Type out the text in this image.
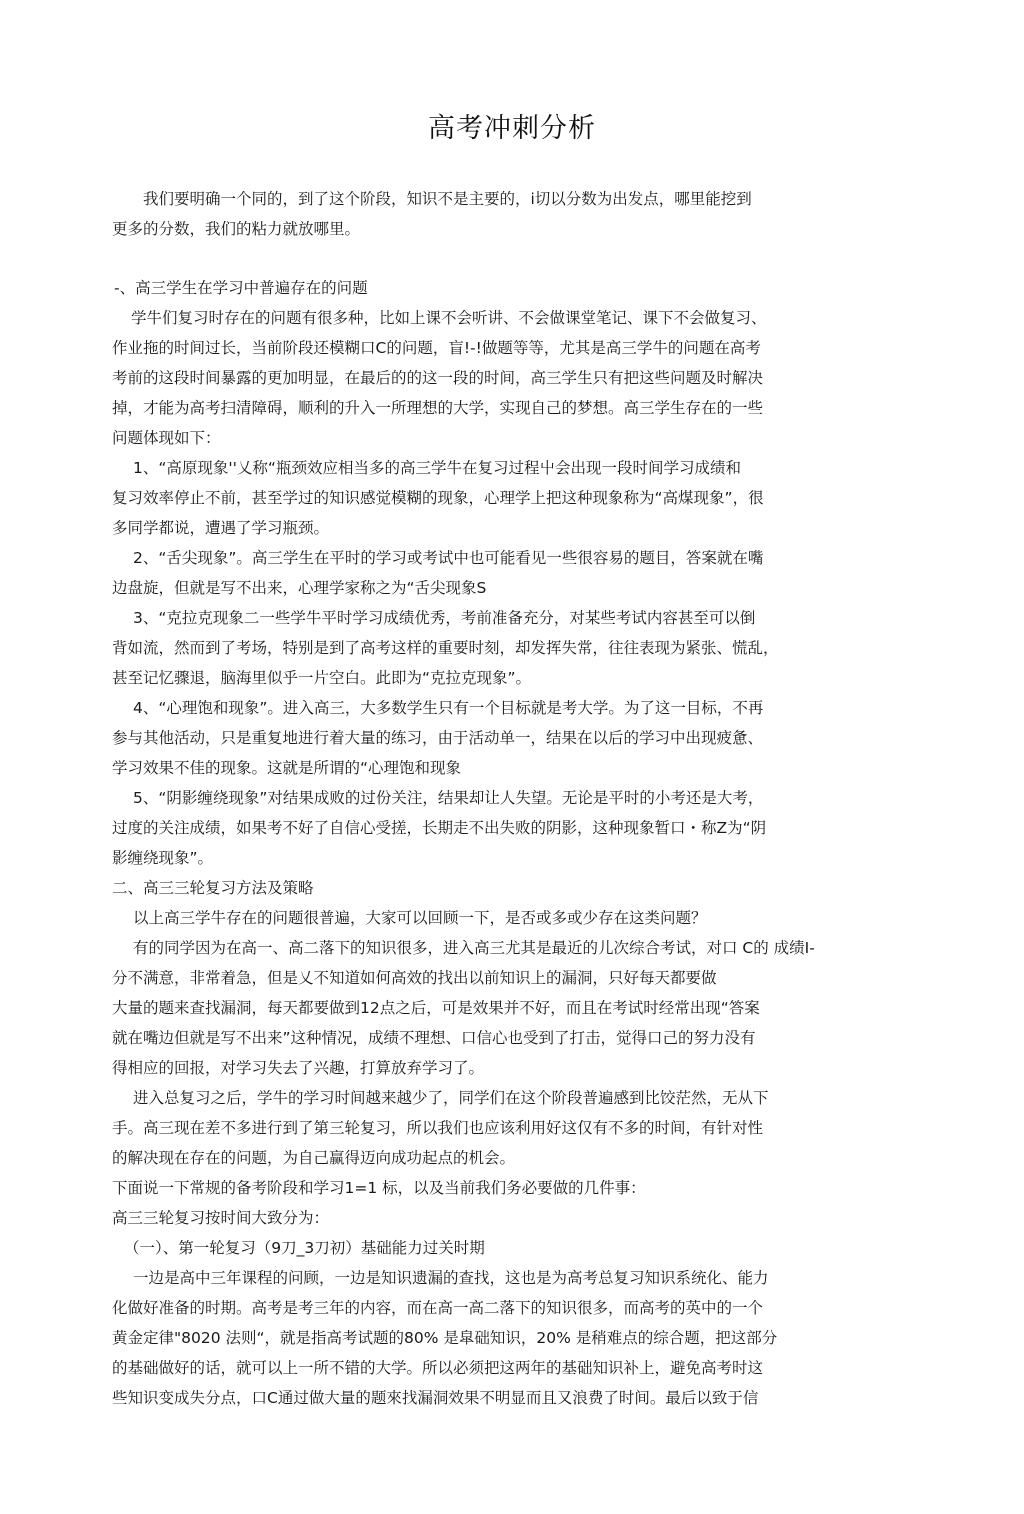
高考冲刺分析
我们要明确一个同的，到了这个阶段，知识不是主要的，i切以分数为出发点，哪里能挖到
更多的分数，我们的粘力就放哪里。
-、高三学生在学习中普遍存在的问题
学牛们复习时存在的问题有很多种，比如上课不会听讲、不会做课堂笔记、课下不会做复习、
作业拖的时间过长，当前阶段还模糊口C的问题，盲!-!做题等等，尤其是高三学牛的问题在高考
考前的这段时间暴露的更加明显，在最后的的这一段的时间，高三学生只有把这些问题及时解决
掉，才能为高考扫清障碍，顺利的升入一所理想的大学，实现自己的梦想。高三学生存在的一些
问题体现如下：
1、“高原现象''乂称“瓶颈效应相当多的高三学牛在复习过程屮会出现一段时间学习成绩和
复习效率停止不前，甚至学过的知识感觉模糊的现象，心理学上把这种现象称为“高煤现象”，很
多同学都说，遭遇了学习瓶颈。
2、“舌尖现象”。高三学生在平时的学习或考试中也可能看见一些很容易的题目，答案就在嘴
边盘旋，但就是写不出来，心理学家称之为“舌尖现象S
3、“克拉克现象二一些学牛平时学习成绩优秀，考前准备充分，对某些考试内容甚至可以倒
背如流，然而到了考场，特别是到了高考这样的重要时刻，却发挥失常，往往表现为紧张、慌乱，
甚至记忆骤退，脑海里似乎一片空白。此即为“克拉克现象”。
4、“心理饱和现象”。进入高三，大多数学生只有一个目标就是考大学。为了这一目标，不再
参与其他活动，只是重复地进行着大量的练习，由于活动单一，结果在以后的学习中出现疲惫、
学习效果不佳的现象。这就是所谓的“心理饱和现象
5、“阴影缠绕现象”对结果成败的过份关注，结果却让人失望。无论是平时的小考还是大考，
过度的关注成绩，如果考不好了自信心受搓，长期走不出失败的阴影，这种现象暂口・称Z为“阴
影缠绕现象”。
二、高三三轮复习方法及策略
以上高三学牛存在的问题很普遍，大家可以回顾一下，是否或多或少存在这类问题？
有的同学因为在高一、高二落下的知识很多，进入高三尤其是最近的儿次综合考试，对口 C的 成绩I-
分不满意，非常着急，但是乂不知道如何高效的找出以前知识上的漏洞，只好每天都要做
大量的题来查找漏洞，每天都要做到12点之后，可是效果并不好，而且在考试时经常出现“答案
就在嘴边但就是写不出来”这种情况，成绩不理想、口信心也受到了打击，觉得口己的努力没有
得相应的回报，对学习失去了兴趣，打算放弃学习了。
进入总复习之后，学牛的学习时间越来越少了，同学们在这个阶段普遍感到比饺茫然，无从下
手。高三现在差不多进行到了第三轮复习，所以我们也应该利用好这仅有不多的时间，有针对性
的解决现在存在的问题，为自己赢得迈向成功起点的机会。
下面说一下常规的备考阶段和学习1=1 标，以及当前我们务必要做的几件事：
高三三轮复习按时间大致分为：
（一）、第一轮复习（9刀_3刀初）基础能力过关时期
一边是高中三年课程的问顾，一边是知识遗漏的查找，这也是为高考总复习知识系统化、能力
化做好准备的时期。高考是考三年的内容，而在高一高二落下的知识很多，而高考的英中的一个
黄金定律"8020 法则“，就是指高考试题的80% 是皐础知识，20% 是稍难点的综合题，把这部分
的基础做好的话，就可以上一所不错的大学。所以必须把这两年的基础知识补上，避免高考时这
些知识变成失分点，口C通过做大量的题來找漏洞效果不明显而且又浪费了时间。最后以致于信
